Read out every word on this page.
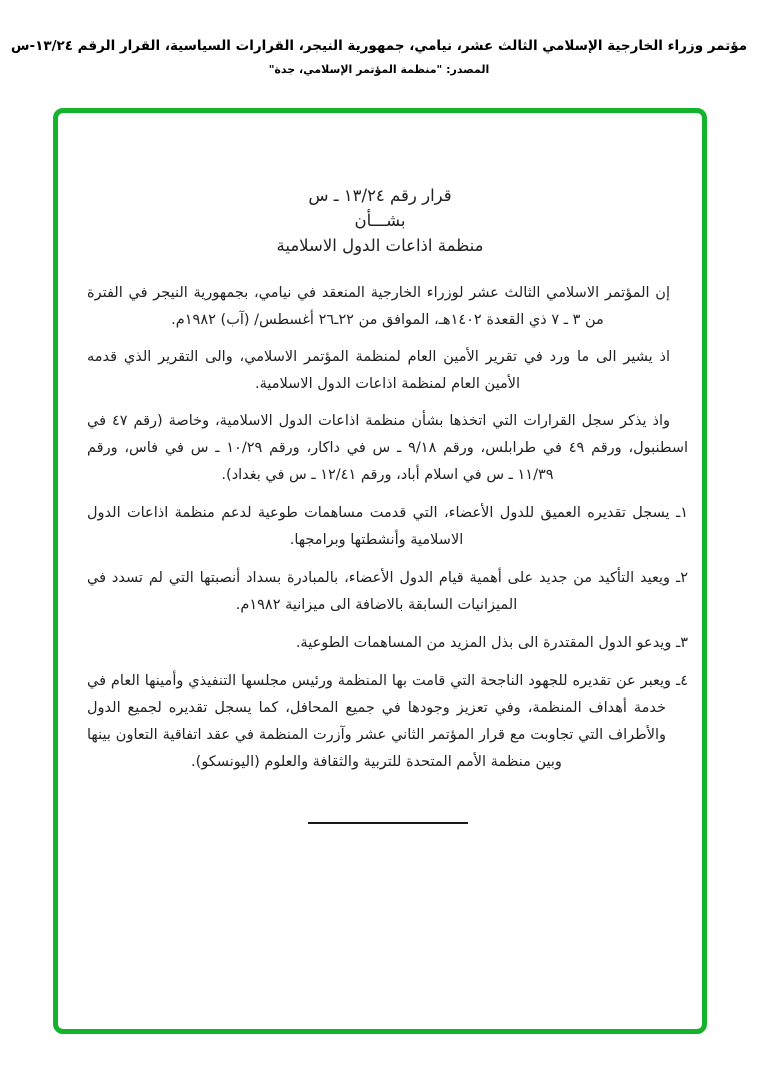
مؤتمر وزراء الخارجية الإسلامي الثالث عشر، نيامي، جمهورية النيجر، القرارات السياسية، القرار الرقم ١٣/٢٤-س
المصدر: "منظمة المؤتمر الإسلامي، جدة"
قرار رقم ١٣/٢٤ ـ س
بشـــأن
منظمة اذاعات الدول الاسلامية

إن المؤتمر الاسلامي الثالث عشر لوزراء الخارجية المنعقد في نيامي، بجمهورية النيجر في الفترة من ٣ ـ ٧ ذي القعدة ١٤٠٢هـ، الموافق من ٢٢ـ٢٦ أغسطس/ (آب) ١٩٨٢م.

اذ يشير الى ما ورد في تقرير الأمين العام لمنظمة المؤتمر الاسلامي، والى التقرير الذي قدمه الأمين العام لمنظمة اذاعات الدول الاسلامية.

واذ يذكر سجل القرارات التي اتخذها بشأن منظمة اذاعات الدول الاسلامية، وخاصة (رقم ٤٧ في اسطنبول، ورقم ٤٩ في طرابلس، ورقم ٩/١٨ ـ س في داكار، ورقم ١٠/٢٩ ـ س في فاس، ورقم ١١/٣٩ ـ س في اسلام أباد، ورقم ١٢/٤١ ـ س في بغداد).

١ـ يسجل تقديره العميق للدول الأعضاء، التي قدمت مساهمات طوعية لدعم منظمة اذاعات الدول الاسلامية وأنشطتها وبرامجها.

٢ـ ويعيد التأكيد من جديد على أهمية قيام الدول الأعضاء، بالمبادرة بسداد أنصبتها التي لم تسدد في الميزانيات السابقة بالاضافة الى ميزانية ١٩٨٢م.

٣ـ ويدعو الدول المقتدرة الى بذل المزيد من المساهمات الطوعية.

٤ـ ويعبر عن تقديره للجهود الناجحة التي قامت بها المنظمة ورئيس مجلسها التنفيذي وأمينها العام في خدمة أهداف المنظمة، وفي تعزيز وجودها في جميع المحافل، كما يسجل تقديره لجميع الدول والأطراف التي تجاوبت مع قرار المؤتمر الثاني عشر وآزرت المنظمة في عقد اتفاقية التعاون بينها وبين منظمة الأمم المتحدة للتربية والثقافة والعلوم (اليونسكو).
